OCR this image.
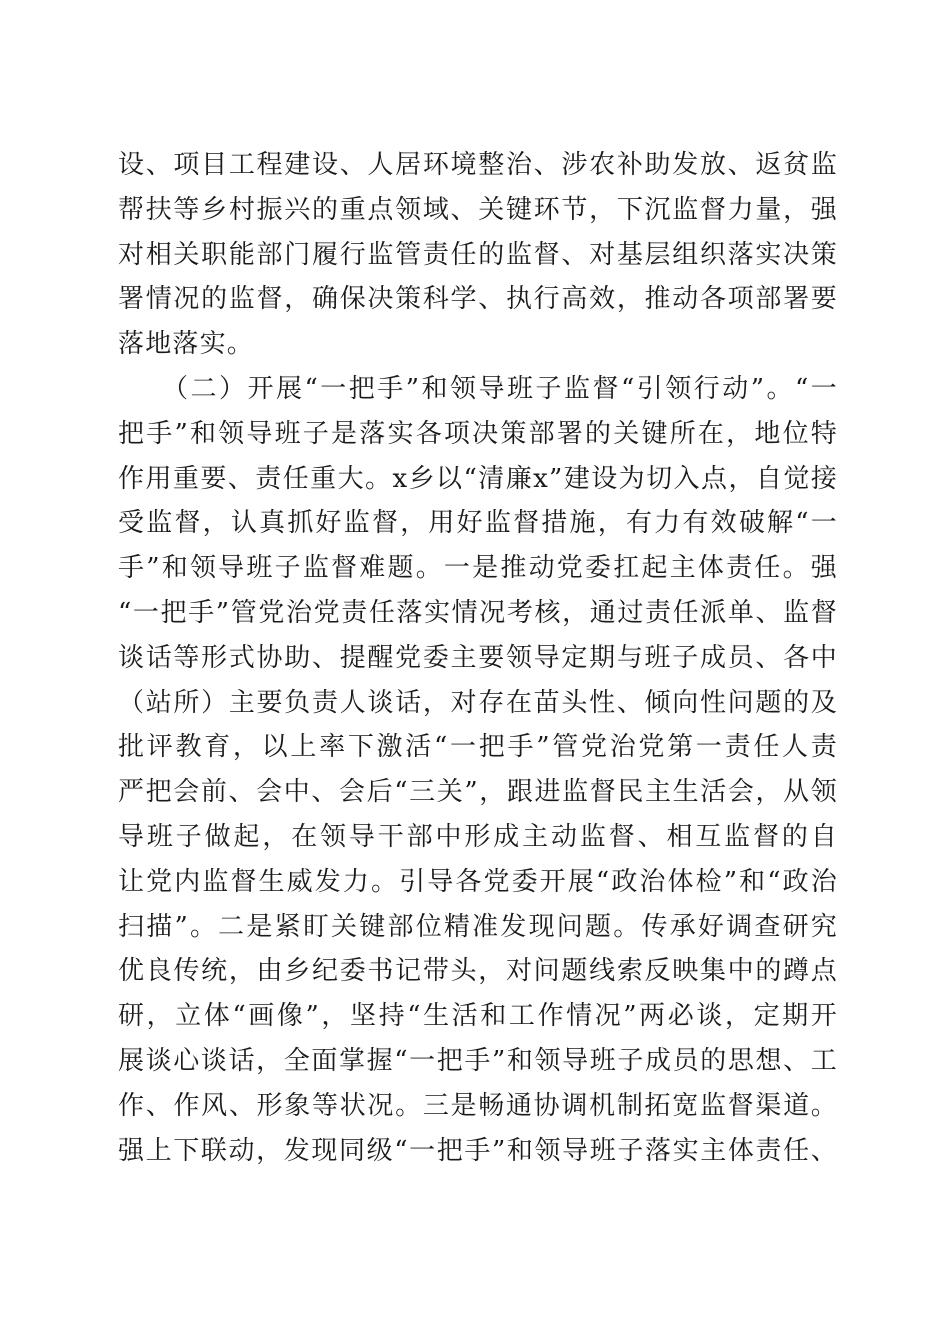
设、项目工程建设、人居环境整治、涉农补助发放、返贫监
帮扶等乡村振兴的重点领域、关键环节，下沉监督力量，强
对相关职能部门履行监管责任的监督、对基层组织落实决策
署情况的监督，确保决策科学、执行高效，推动各项部署要
落地落实。
（二）开展“一把手”和领导班子监督“引领行动”。“一
把手”和领导班子是落实各项决策部署的关键所在，地位特
作用重要、责任重大。x乡以“清廉x”建设为切入点，自觉接
受监督，认真抓好监督，用好监督措施，有力有效破解“一
手”和领导班子监督难题。一是推动党委扛起主体责任。强
“一把手”管党治党责任落实情况考核，通过责任派单、监督
谈话等形式协助、提醒党委主要领导定期与班子成员、各中
（站所）主要负责人谈话，对存在苗头性、倾向性问题的及
批评教育，以上率下激活“一把手”管党治党第一责任人责
严把会前、会中、会后“三关”，跟进监督民主生活会，从领
导班子做起，在领导干部中形成主动监督、相互监督的自
让党内监督生威发力。引导各党委开展“政治体检”和“政治
扫描”。二是紧盯关键部位精准发现问题。传承好调查研究
优良传统，由乡纪委书记带头，对问题线索反映集中的蹲点
研，立体“画像”，坚持“生活和工作情况”两必谈，定期开
展谈心谈话，全面掌握“一把手”和领导班子成员的思想、工
作、作风、形象等状况。三是畅通协调机制拓宽监督渠道。
强上下联动，发现同级“一把手”和领导班子落实主体责任、
